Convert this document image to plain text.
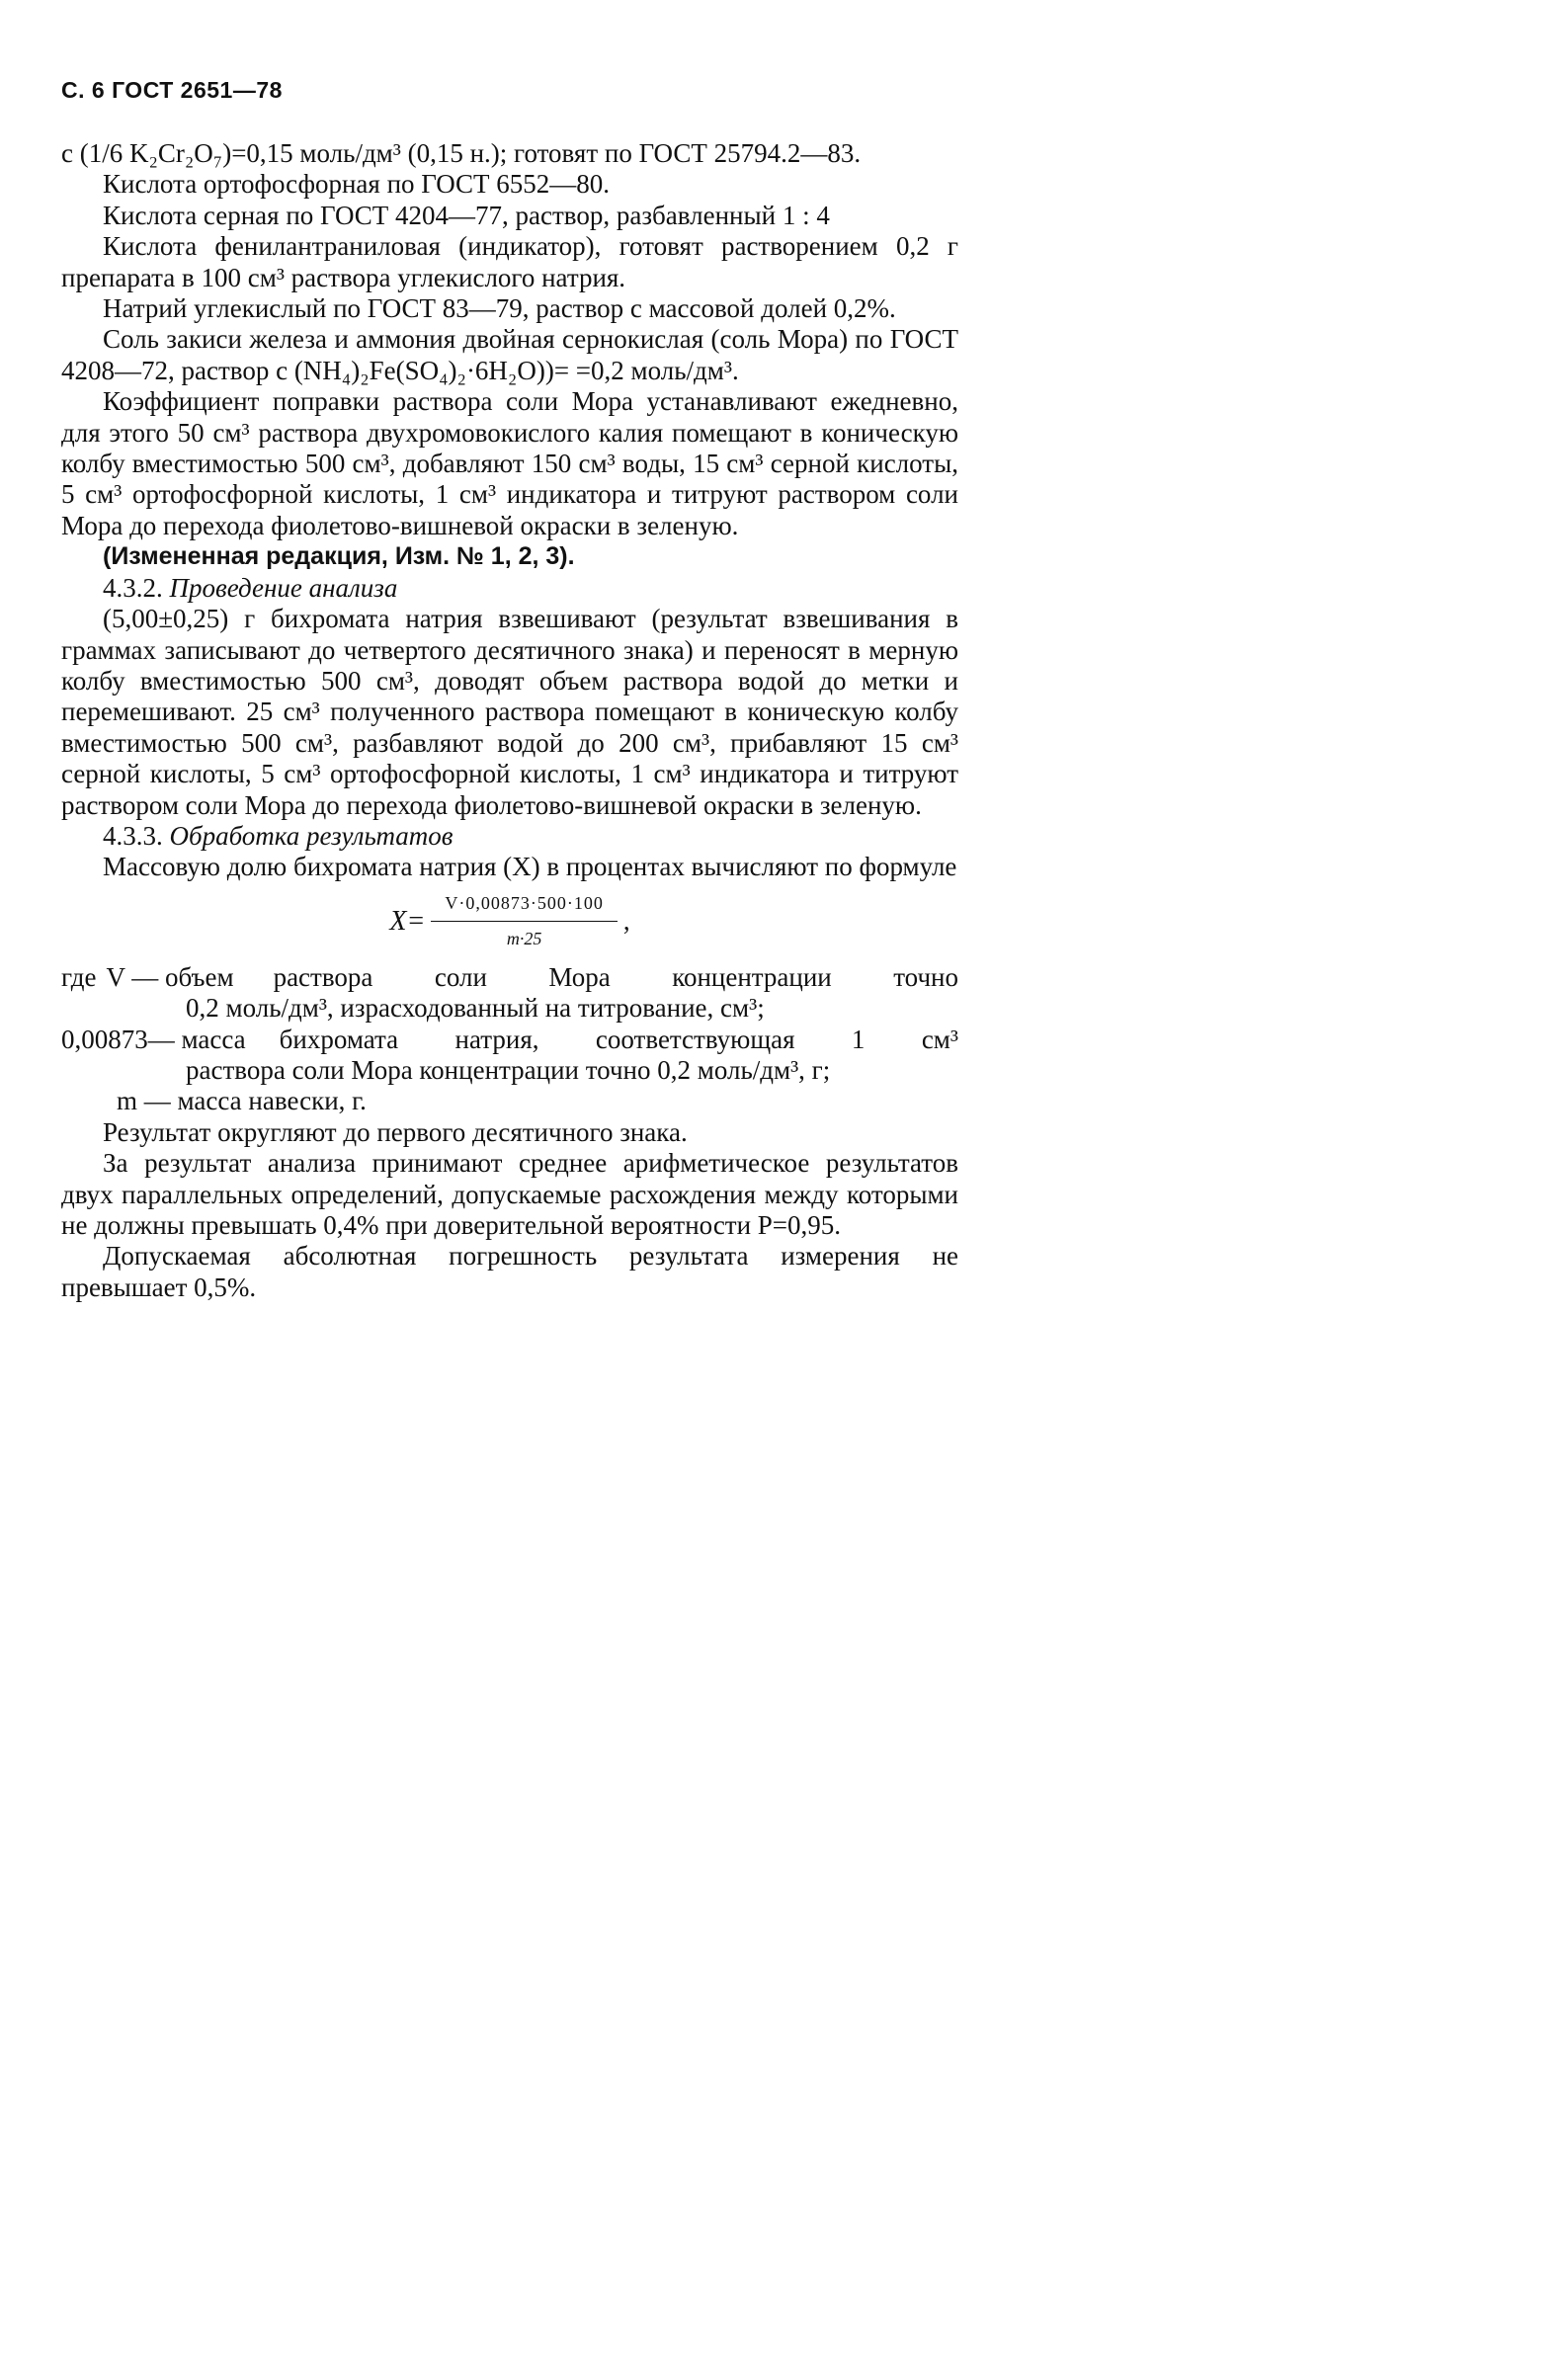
С. 6 ГОСТ 2651—78

с (1/6 K₂Cr₂O₇)=0,15 моль/дм³ (0,15 н.); готовят по ГОСТ 25794.2—83.

Кислота ортофосфорная по ГОСТ 6552—80.

Кислота серная по ГОСТ 4204—77, раствор, разбавленный 1 : 4

Кислота фенилантраниловая (индикатор), готовят растворением 0,2 г препарата в 100 см³ раствора углекислого натрия.

Натрий углекислый по ГОСТ 83—79, раствор с массовой долей 0,2%.

Соль закиси железа и аммония двойная сернокислая (соль Мора) по ГОСТ 4208—72, раствор с (NH₄)₂Fe(SO₄)₂·6H₂O))= =0,2 моль/дм³.

Коэффициент поправки раствора соли Мора устанавливают ежедневно, для этого 50 см³ раствора двухромовокислого калия помещают в коническую колбу вместимостью 500 см³, добавляют 150 см³ воды, 15 см³ серной кислоты, 5 см³ ортофосфорной кислоты, 1 см³ индикатора и титруют раствором соли Мора до перехода фиолетово-вишневой окраски в зеленую.

(Измененная редакция, Изм. № 1, 2, 3).

4.3.2. Проведение анализа

(5,00±0,25) г бихромата натрия взвешивают (результат взвешивания в граммах записывают до четвертого десятичного знака) и переносят в мерную колбу вместимостью 500 см³, доводят объем раствора водой до метки и перемешивают. 25 см³ полученного раствора помещают в коническую колбу вместимостью 500 см³, разбавляют водой до 200 см³, прибавляют 15 см³ серной кислоты, 5 см³ ортофосфорной кислоты, 1 см³ индикатора и титруют раствором соли Мора до перехода фиолетово-вишневой окраски в зеленую.

4.3.3. Обработка результатов

Массовую долю бихромата натрия (X) в процентах вычисляют по формуле

$X= \frac{V\cdot 0,00873\cdot 500\cdot 100}{m\cdot 25}$ ,
где V — объем раствора соли Мора концентрации точно
0,2 моль/дм³, израсходованный на титрование, см³;
0,00873— масса бихромата натрия, соответствующая 1 см³
раствора соли Мора концентрации точно 0,2 моль/дм³, г;
m — масса навески, г.

Результат округляют до первого десятичного знака.

За результат анализа принимают среднее арифметическое результатов двух параллельных определений, допускаемые расхождения между которыми не должны превышать 0,4% при доверительной вероятности P=0,95.

Допускаемая абсолютная погрешность результата измерения не превышает 0,5%.
